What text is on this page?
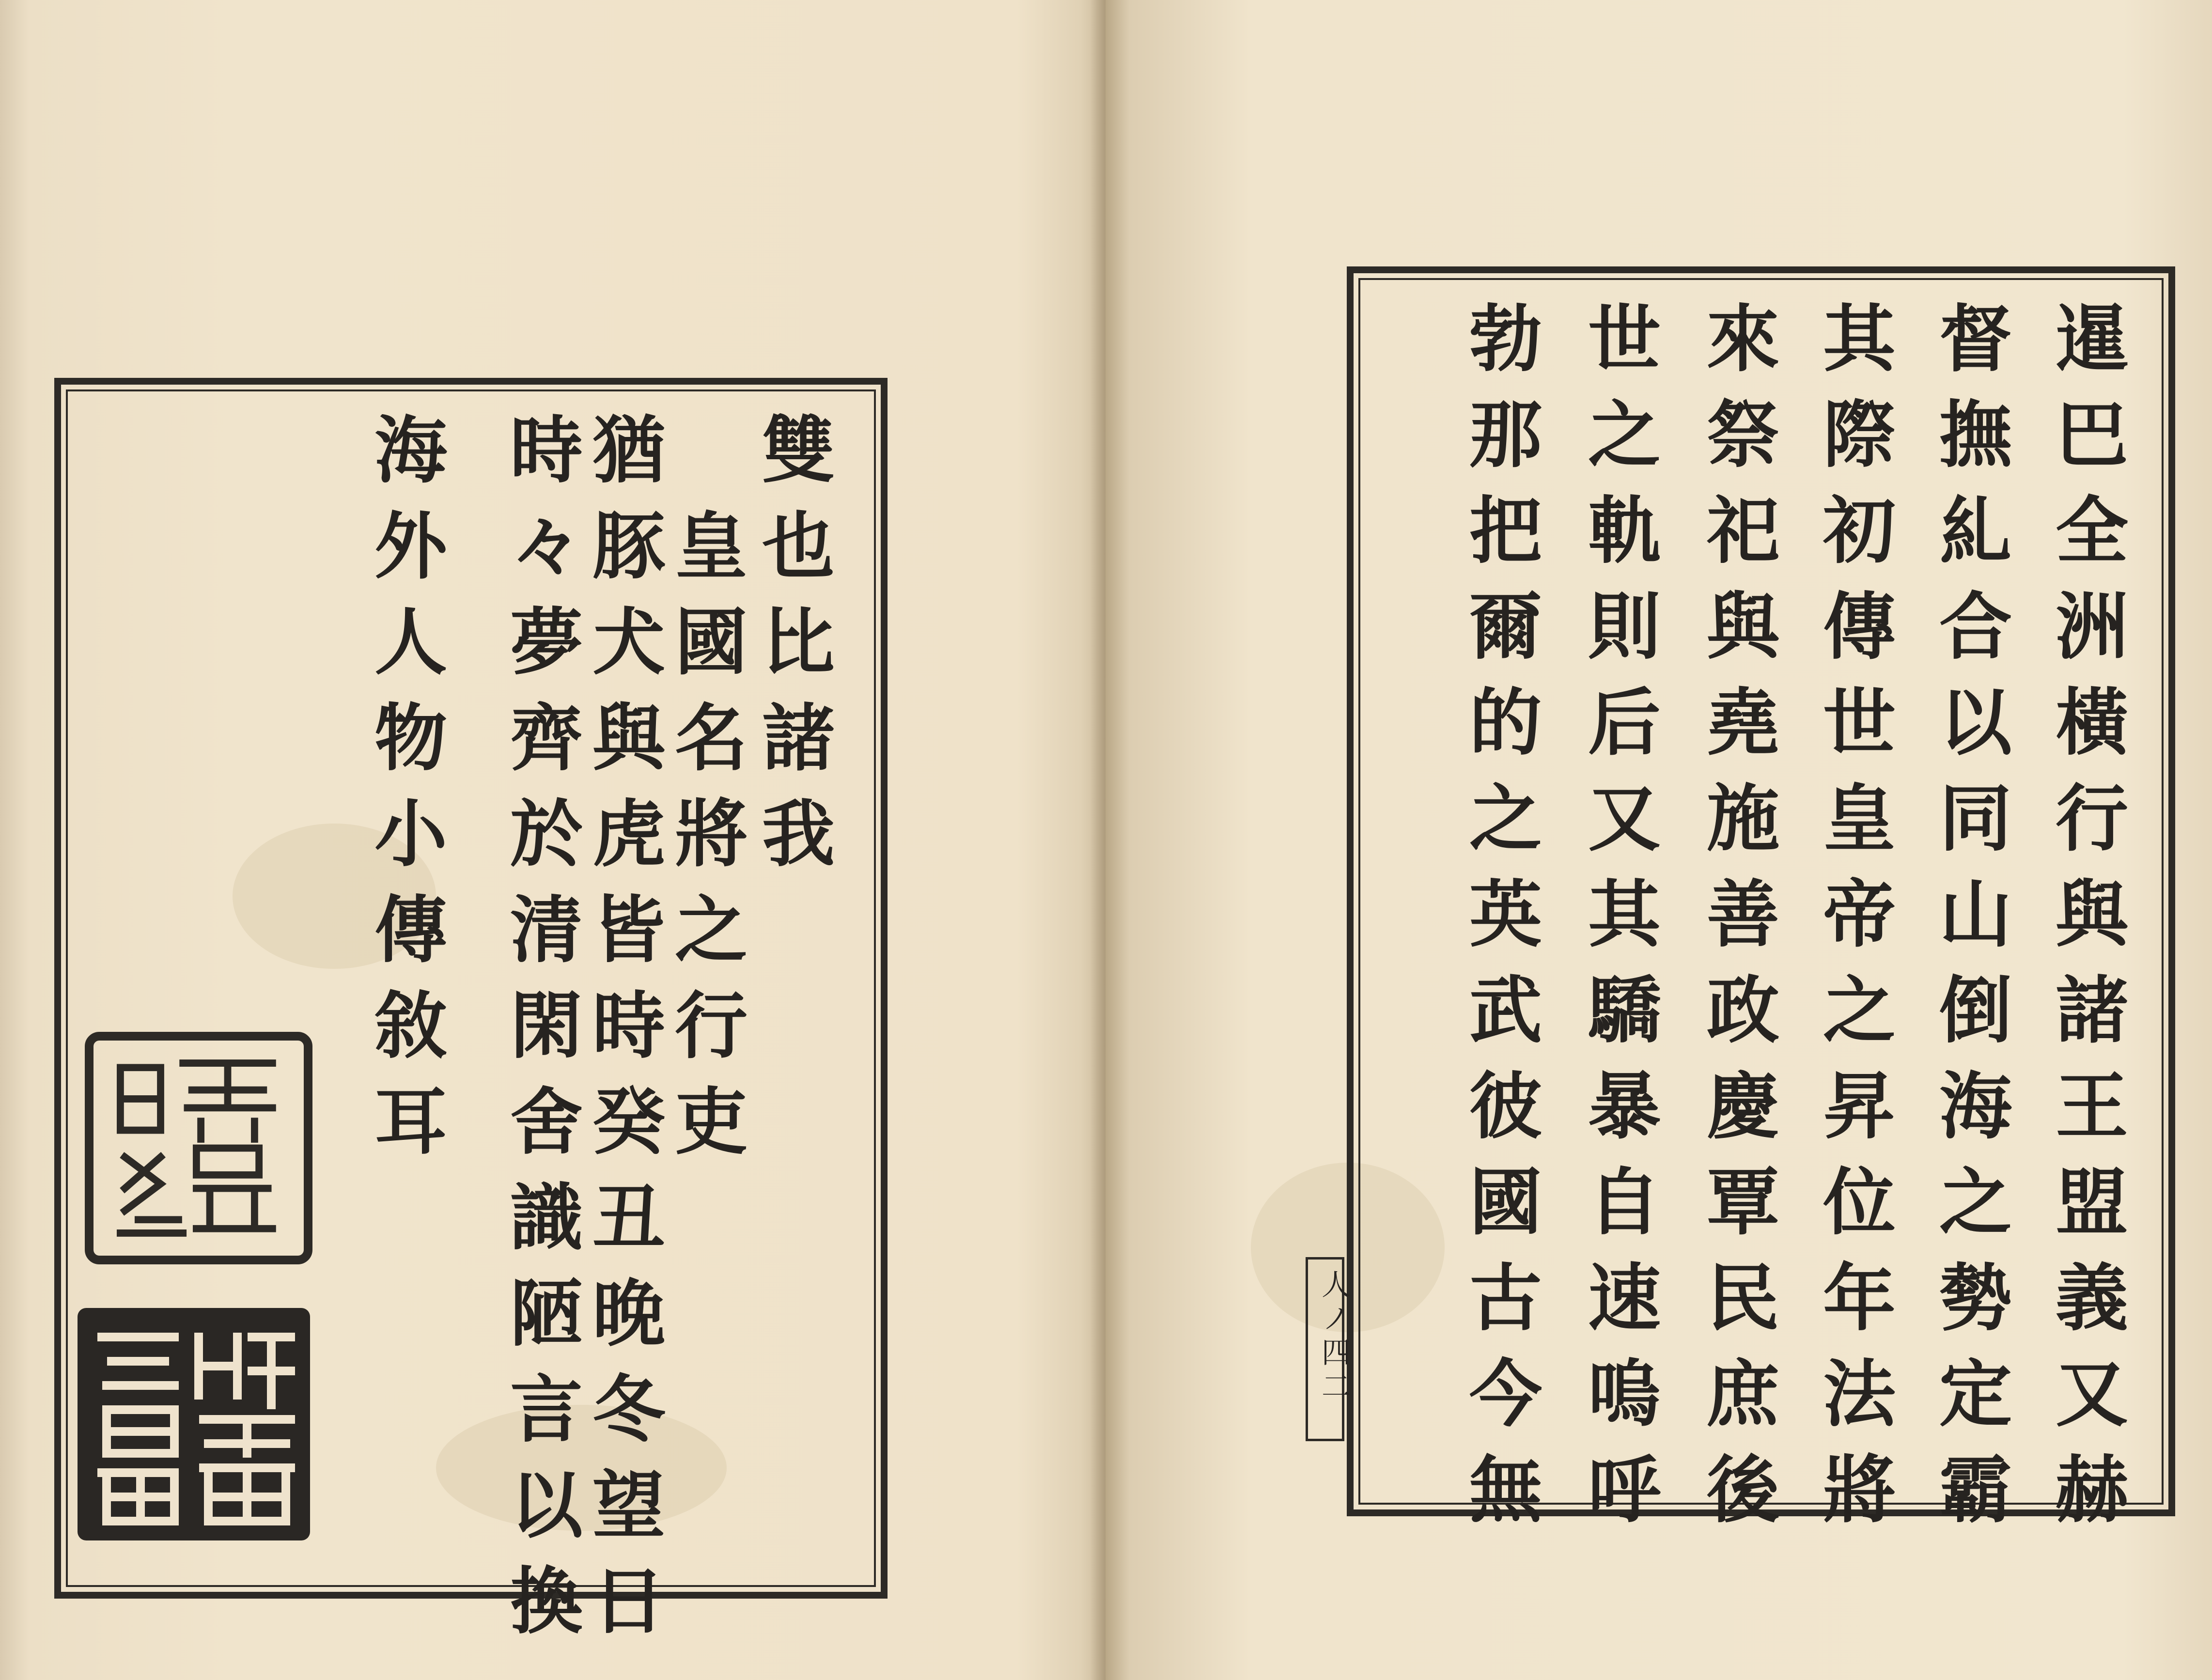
雙也比諸我
　皇國名將之行吏
猶豚犬與虎皆時癸丑晚冬望日
時々夢齊於清閑舍識陋言以換
海外人物小傳敘耳	暹巴全洲橫行與諸王盟義又赫
督撫糺合以同山倒海之勢定霸
其際初傳世皇帝之昇位年法將
來祭祀與堯施善政慶覃民庶後
世之軌則后又其驕暴自速嗚呼
勃那把爾的之英武彼國古今無
人ノ四二
